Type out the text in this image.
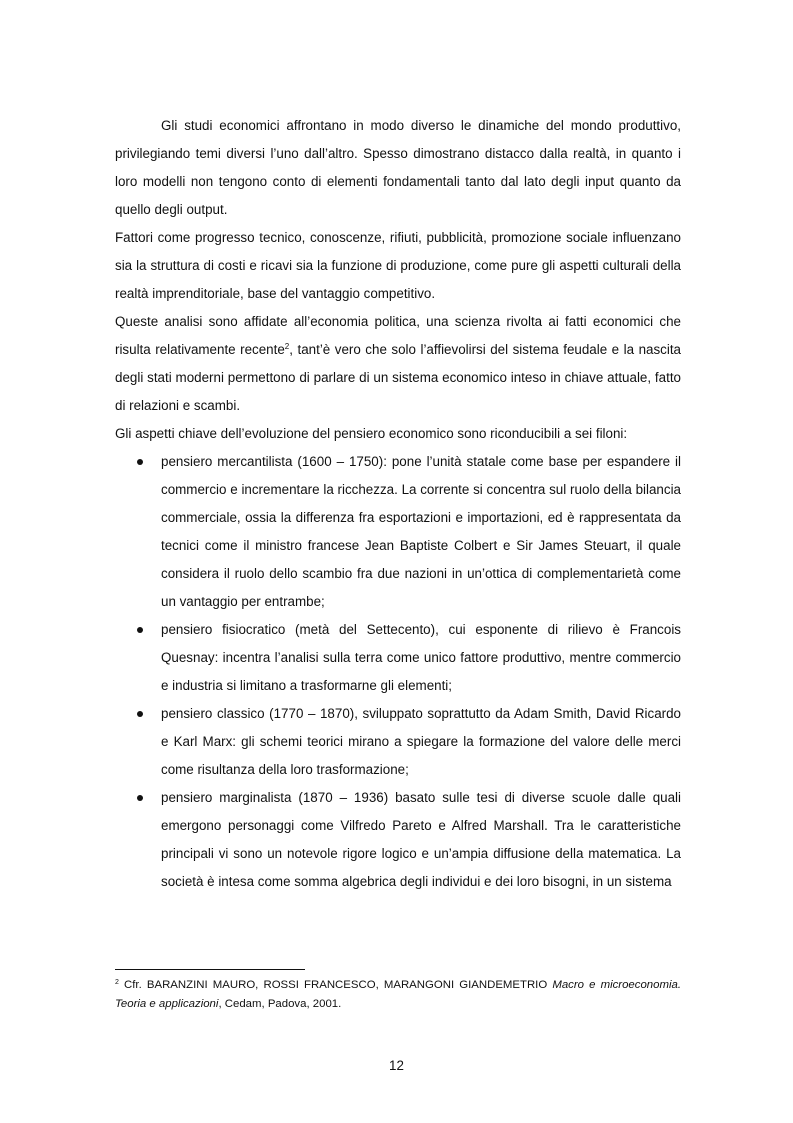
Gli studi economici affrontano in modo diverso le dinamiche del mondo produttivo, privilegiando temi diversi l’uno dall’altro. Spesso dimostrano distacco dalla realtà, in quanto i loro modelli non tengono conto di elementi fondamentali tanto dal lato degli input quanto da quello degli output.

Fattori come progresso tecnico, conoscenze, rifiuti, pubblicità, promozione sociale influenzano sia la struttura di costi e ricavi sia la funzione di produzione, come pure gli aspetti culturali della realtà imprenditoriale, base del vantaggio competitivo.

Queste analisi sono affidate all’economia politica, una scienza rivolta ai fatti economici che risulta relativamente recente$^2$, tant’è vero che solo l’affievolirsi del sistema feudale e la nascita degli stati moderni permettono di parlare di un sistema economico inteso in chiave attuale, fatto di relazioni e scambi.

Gli aspetti chiave dell’evoluzione del pensiero economico sono riconducibili a sei filoni:

pensiero mercantilista (1600 – 1750): pone l’unità statale come base per espandere il commercio e incrementare la ricchezza. La corrente si concentra sul ruolo della bilancia commerciale, ossia la differenza fra esportazioni e importazioni, ed è rappresentata da tecnici come il ministro francese Jean Baptiste Colbert e Sir James Steuart, il quale considera il ruolo dello scambio fra due nazioni in un’ottica di complementarietà come un vantaggio per entrambe;
pensiero fisiocratico (metà del Settecento), cui esponente di rilievo è Francois Quesnay: incentra l’analisi sulla terra come unico fattore produttivo, mentre commercio e industria si limitano a trasformarne gli elementi;
pensiero classico (1770 – 1870), sviluppato soprattutto da Adam Smith, David Ricardo e Karl Marx: gli schemi teorici mirano a spiegare la formazione del valore delle merci come risultanza della loro trasformazione;
pensiero marginalista (1870 – 1936) basato sulle tesi di diverse scuole dalle quali emergono personaggi come Vilfredo Pareto e Alfred Marshall. Tra le caratteristiche principali vi sono un notevole rigore logico e un’ampia diffusione della matematica. La società è intesa come somma algebrica degli individui e dei loro bisogni, in un sistema
$^2$ Cfr. BARANZINI MAURO, ROSSI FRANCESCO, MARANGONI GIANDEMETRIO Macro e microeconomia. Teoria e applicazioni, Cedam, Padova, 2001.
12
